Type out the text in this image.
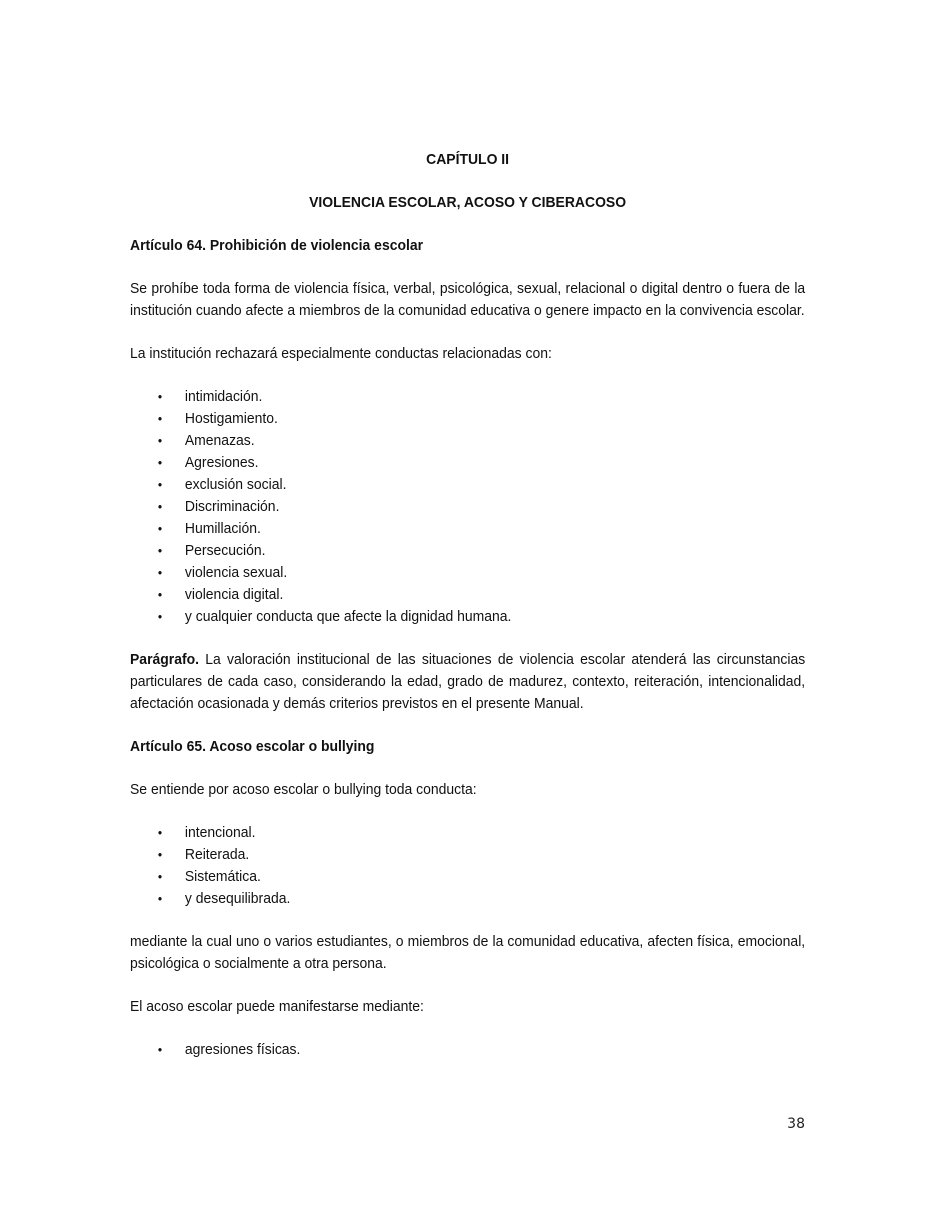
CAPÍTULO II

VIOLENCIA ESCOLAR, ACOSO Y CIBERACOSO

Artículo 64. Prohibición de violencia escolar

Se prohíbe toda forma de violencia física, verbal, psicológica, sexual, relacional o digital dentro o fuera de la institución cuando afecte a miembros de la comunidad educativa o genere impacto en la convivencia escolar.

La institución rechazará especialmente conductas relacionadas con:

• intimidación.
• Hostigamiento.
• Amenazas.
• Agresiones.
• exclusión social.
• Discriminación.
• Humillación.
• Persecución.
• violencia sexual.
• violencia digital.
• y cualquier conducta que afecte la dignidad humana.

Parágrafo. La valoración institucional de las situaciones de violencia escolar atenderá las circunstancias particulares de cada caso, considerando la edad, grado de madurez, contexto, reiteración, intencionalidad, afectación ocasionada y demás criterios previstos en el presente Manual.

Artículo 65. Acoso escolar o bullying

Se entiende por acoso escolar o bullying toda conducta:

• intencional.
• Reiterada.
• Sistemática.
• y desequilibrada.

mediante la cual uno o varios estudiantes, o miembros de la comunidad educativa, afecten física, emocional, psicológica o socialmente a otra persona.

El acoso escolar puede manifestarse mediante:

• agresiones físicas.
38
